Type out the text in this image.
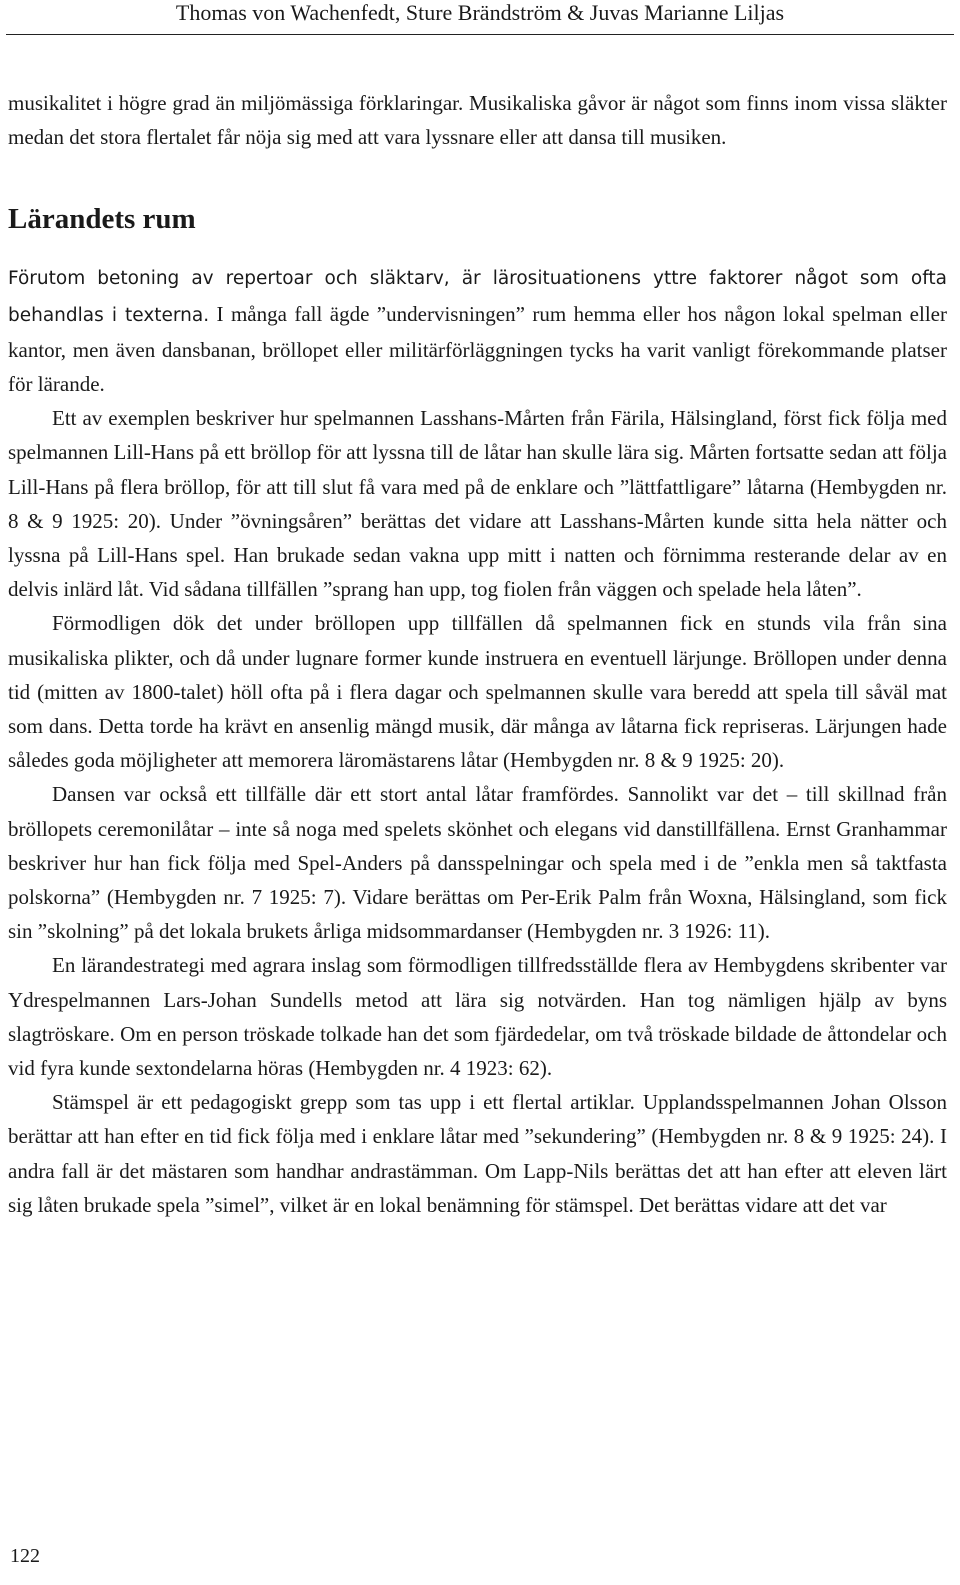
Thomas von Wachenfedt, Sture Brändström & Juvas Marianne Liljas

musikalitet i högre grad än miljömässiga förklaringar. Musikaliska gåvor är något som finns inom vissa släkter medan det stora flertalet får nöja sig med att vara lyssnare eller att dansa till musiken.

Lärandets rum

Förutom betoning av repertoar och släktarv, är lärosituationens yttre faktorer något som ofta behandlas i texterna. I många fall ägde ”undervisningen” rum hemma eller hos någon lokal spelman eller kantor, men även dansbanan, bröllopet eller militärförläggningen tycks ha varit vanligt förekommande platser för lärande.

Ett av exemplen beskriver hur spelmannen Lasshans-Mårten från Färila, Hälsingland, först fick följa med spelmannen Lill-Hans på ett bröllop för att lyssna till de låtar han skulle lära sig. Mårten fortsatte sedan att följa Lill-Hans på flera bröllop, för att till slut få vara med på de enklare och ”lättfattligare” låtarna (Hembygden nr. 8 & 9 1925: 20). Under ”övningsåren” berättas det vidare att Lasshans-Mårten kunde sitta hela nätter och lyssna på Lill-Hans spel. Han brukade sedan vakna upp mitt i natten och förnimma resterande delar av en delvis inlärd låt. Vid sådana tillfällen ”sprang han upp, tog fiolen från väggen och spelade hela låten”.

Förmodligen dök det under bröllopen upp tillfällen då spelmannen fick en stunds vila från sina musikaliska plikter, och då under lugnare former kunde instruera en eventuell lärjunge. Bröllopen under denna tid (mitten av 1800-talet) höll ofta på i flera dagar och spelmannen skulle vara beredd att spela till såväl mat som dans. Detta torde ha krävt en ansenlig mängd musik, där många av låtarna fick repriseras. Lärjungen hade således goda möjligheter att memorera läromästarens låtar (Hembygden nr. 8 & 9 1925: 20).

Dansen var också ett tillfälle där ett stort antal låtar framfördes. Sannolikt var det – till skillnad från bröllopets ceremonilåtar – inte så noga med spelets skönhet och elegans vid danstillfällena. Ernst Granhammar beskriver hur han fick följa med Spel-Anders på dansspelningar och spela med i de ”enkla men så taktfasta polskorna” (Hembygden nr. 7 1925: 7). Vidare berättas om Per-Erik Palm från Woxna, Hälsingland, som fick sin ”skolning” på det lokala brukets årliga midsommardanser (Hembygden nr. 3 1926: 11).

En lärandestrategi med agrara inslag som förmodligen tillfredsställde flera av Hembygdens skribenter var Ydrespelmannen Lars-Johan Sundells metod att lära sig notvärden. Han tog nämligen hjälp av byns slagtröskare. Om en person tröskade tolkade han det som fjärdedelar, om två tröskade bildade de åttondelar och vid fyra kunde sextondelarna höras (Hembygden nr. 4 1923: 62).

Stämspel är ett pedagogiskt grepp som tas upp i ett flertal artiklar. Upplandsspelmannen Johan Olsson berättar att han efter en tid fick följa med i enklare låtar med ”sekundering” (Hembygden nr. 8 & 9 1925: 24). I andra fall är det mästaren som handhar andrastämman. Om Lapp-Nils berättas det att han efter att eleven lärt sig låten brukade spela ”simel”, vilket är en lokal benämning för stämspel. Det berättas vidare att det var

122
